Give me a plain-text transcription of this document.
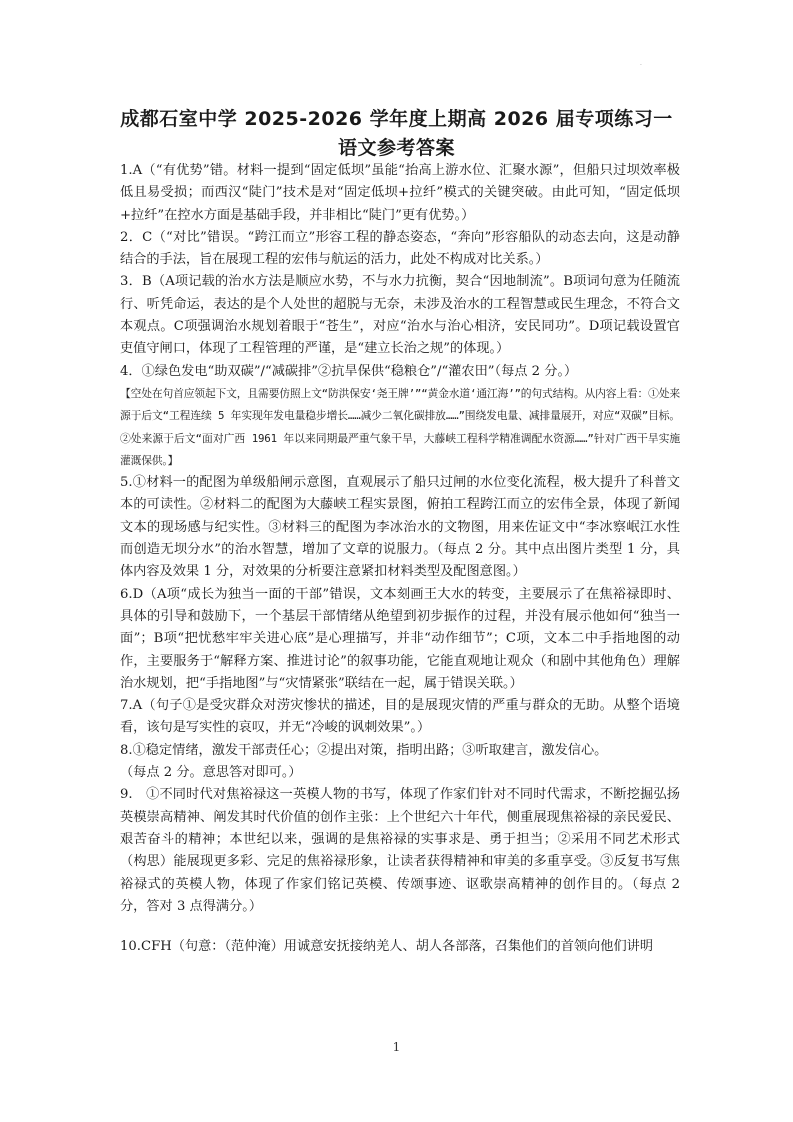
·
成都石室中学 2025-2026 学年度上期高 2026 届专项练习一
语文参考答案

1.A（“有优势”错。材料一提到“固定低坝”虽能“抬高上游水位、汇聚水源”，但船只过坝效率极低且易受损；而西汉“陡门”技术是对“固定低坝+拉纤”模式的关键突破。由此可知，“固定低坝+拉纤”在控水方面是基础手段，并非相比“陡门”更有优势。）

2．C（“对比”错误。“跨江而立”形容工程的静态姿态，“奔向”形容船队的动态去向，这是动静结合的手法，旨在展现工程的宏伟与航运的活力，此处不构成对比关系。）

3．B（A项记载的治水方法是顺应水势，不与水力抗衡，契合“因地制流”。B项词句意为任随流行、听凭命运，表达的是个人处世的超脱与无奈，未涉及治水的工程智慧或民生理念，不符合文本观点。C项强调治水规划着眼于“苍生”，对应“治水与治心相济，安民同功”。D项记载设置官吏值守闸口，体现了工程管理的严谨，是“建立长治之规”的体现。）

4．①绿色发电“助双碳”/“减碳排”②抗旱保供“稳粮仓”/“灌农田”（每点 2 分。）

【空处在句首应领起下文，且需要仿照上文“防洪保安‘尧王牌’”“黄金水道‘通江海’”的句式结构。从内容上看：①处来源于后文“工程连续 5 年实现年发电量稳步增长……减少二氧化碳排放……”围绕发电量、减排量展开，对应“双碳”目标。②处来源于后文“面对广西 1961 年以来同期最严重气象干旱，大藤峡工程科学精准调配水资源……”针对广西干旱实施灌溉保供。】

5.①材料一的配图为单级船闸示意图，直观展示了船只过闸的水位变化流程，极大提升了科普文本的可读性。②材料二的配图为大藤峡工程实景图，俯拍工程跨江而立的宏伟全景，体现了新闻文本的现场感与纪实性。③材料三的配图为李冰治水的文物图，用来佐证文中“李冰察岷江水性而创造无坝分水”的治水智慧，增加了文章的说服力。（每点 2 分。其中点出图片类型 1 分，具体内容及效果 1 分，对效果的分析要注意紧扣材料类型及配图意图。）

6.D（A项“成长为独当一面的干部”错误，文本刻画王大水的转变，主要展示了在焦裕禄即时、具体的引导和鼓励下，一个基层干部情绪从绝望到初步振作的过程，并没有展示他如何“独当一面”；B项“把忧愁牢牢关进心底”是心理描写，并非“动作细节”；C项，文本二中手指地图的动作，主要服务于“解释方案、推进讨论”的叙事功能，它能直观地让观众（和剧中其他角色）理解治水规划，把“手指地图”与“灾情紧张”联结在一起，属于错误关联。）

7.A（句子①是受灾群众对涝灾惨状的描述，目的是展现灾情的严重与群众的无助。从整个语境看，该句是写实性的哀叹，并无“冷峻的讽刺效果”。）

8.①稳定情绪，激发干部责任心；②提出对策，指明出路；③听取建言，激发信心。

（每点 2 分。意思答对即可。）

9.　①不同时代对焦裕禄这一英模人物的书写，体现了作家们针对不同时代需求，不断挖掘弘扬英模崇高精神、阐发其时代价值的创作主张：上个世纪六十年代，侧重展现焦裕禄的亲民爱民、艰苦奋斗的精神；本世纪以来，强调的是焦裕禄的实事求是、勇于担当；②采用不同艺术形式（构思）能展现更多彩、完足的焦裕禄形象，让读者获得精神和审美的多重享受。③反复书写焦裕禄式的英模人物，体现了作家们铭记英模、传颂事迹、讴歌崇高精神的创作目的。（每点 2 分，答对 3 点得满分。）

10.CFH（句意：（范仲淹）用诚意安抚接纳羌人、胡人各部落，召集他们的首领向他们讲明

1
